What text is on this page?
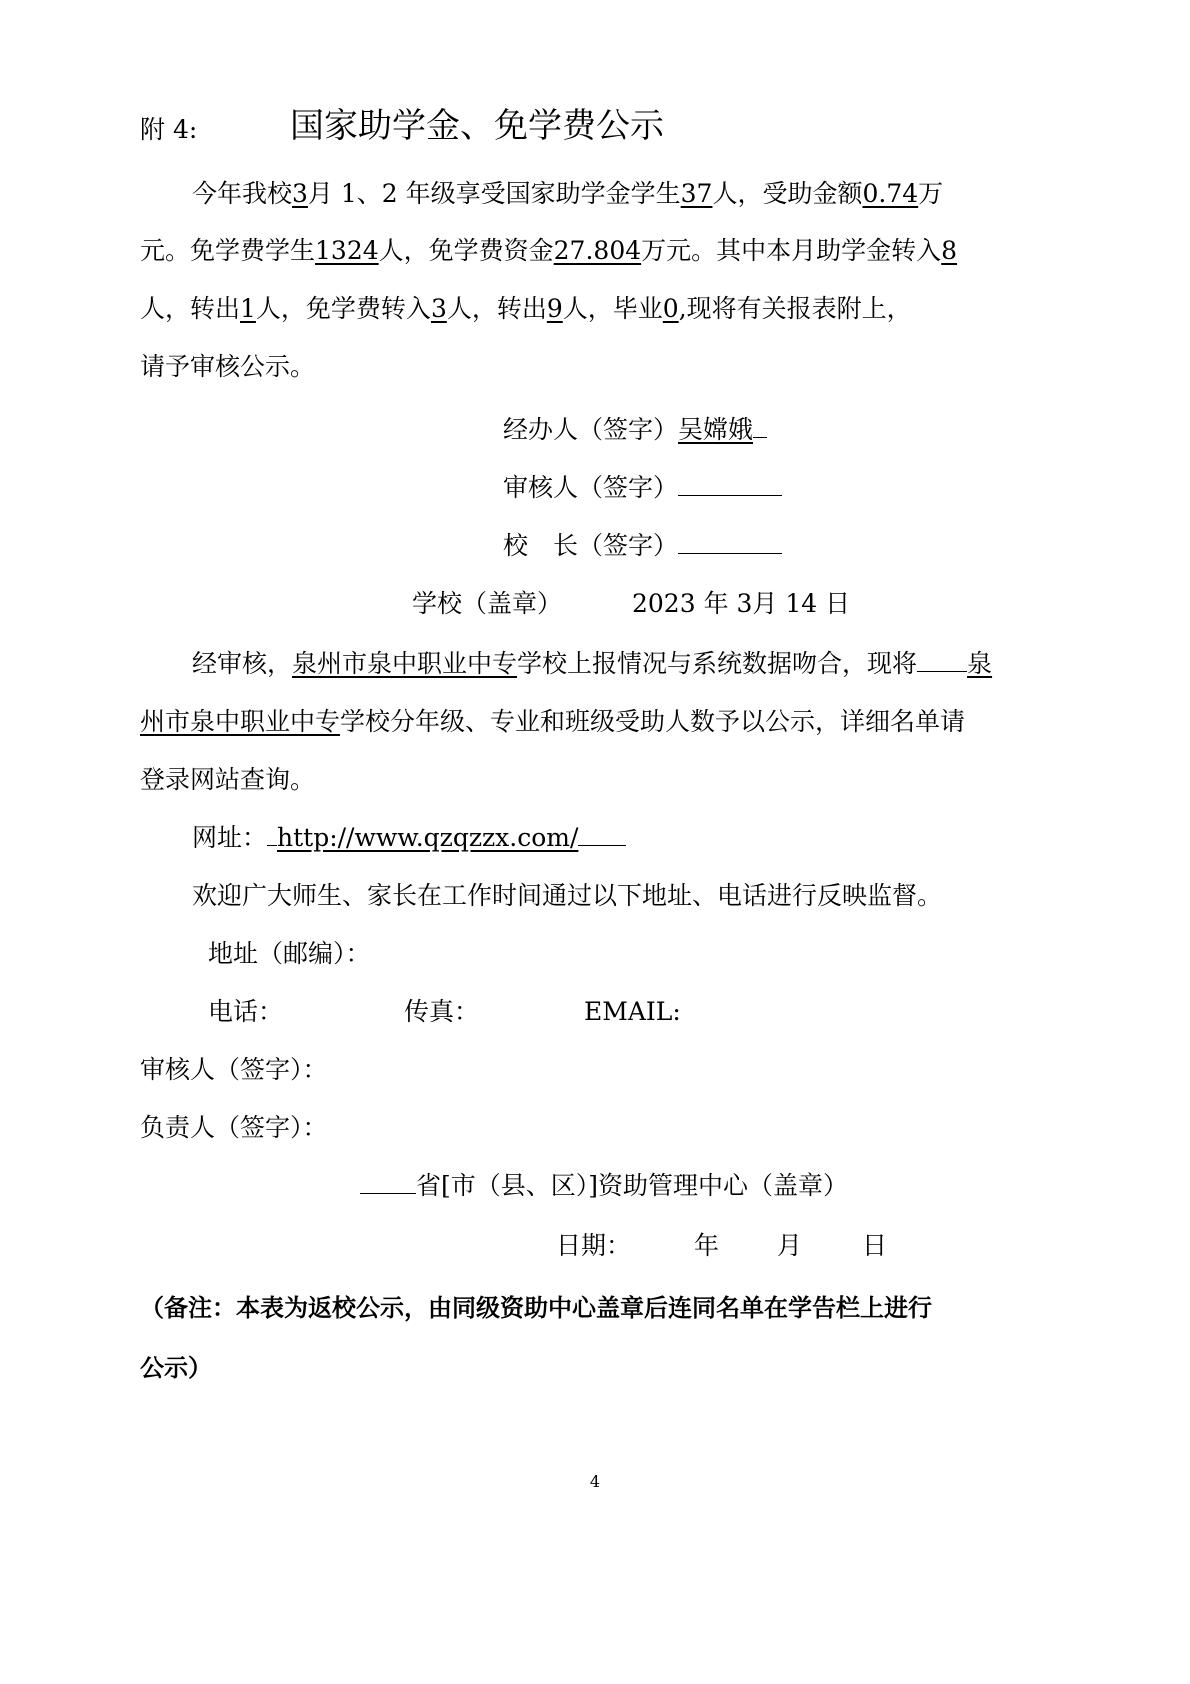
附 4:	国家助学金、免学费公示
今年我校3月 1、2 年级享受国家助学金学生37人，受助金额0.74万
元。免学费学生1324人，免学费资金27.804万元。其中本月助学金转入8
人，转出1人，免学费转入3人，转出9人，毕业0,现将有关报表附上，
请予审核公示。
经办人（签字）吴嫦娥
审核人（签字）
校　长（签字）
学校（盖章）	2023 年 3月 14 日
经审核，泉州市泉中职业中专学校上报情况与系统数据吻合，现将 泉
州市泉中职业中专学校分年级、专业和班级受助人数予以公示，详细名单请
登录网站查询。
网址： http://www.qzqzzx.com/
欢迎广大师生、家长在工作时间通过以下地址、电话进行反映监督。
地址（邮编）：
电话：	传真：	EMAIL:
审核人（签字）：
负责人（签字）：
省[市（县、区）]资助管理中心（盖章）
日期：	年 月 日
（备注：本表为返校公示，由同级资助中心盖章后连同名单在学告栏上进行
公示）
4
